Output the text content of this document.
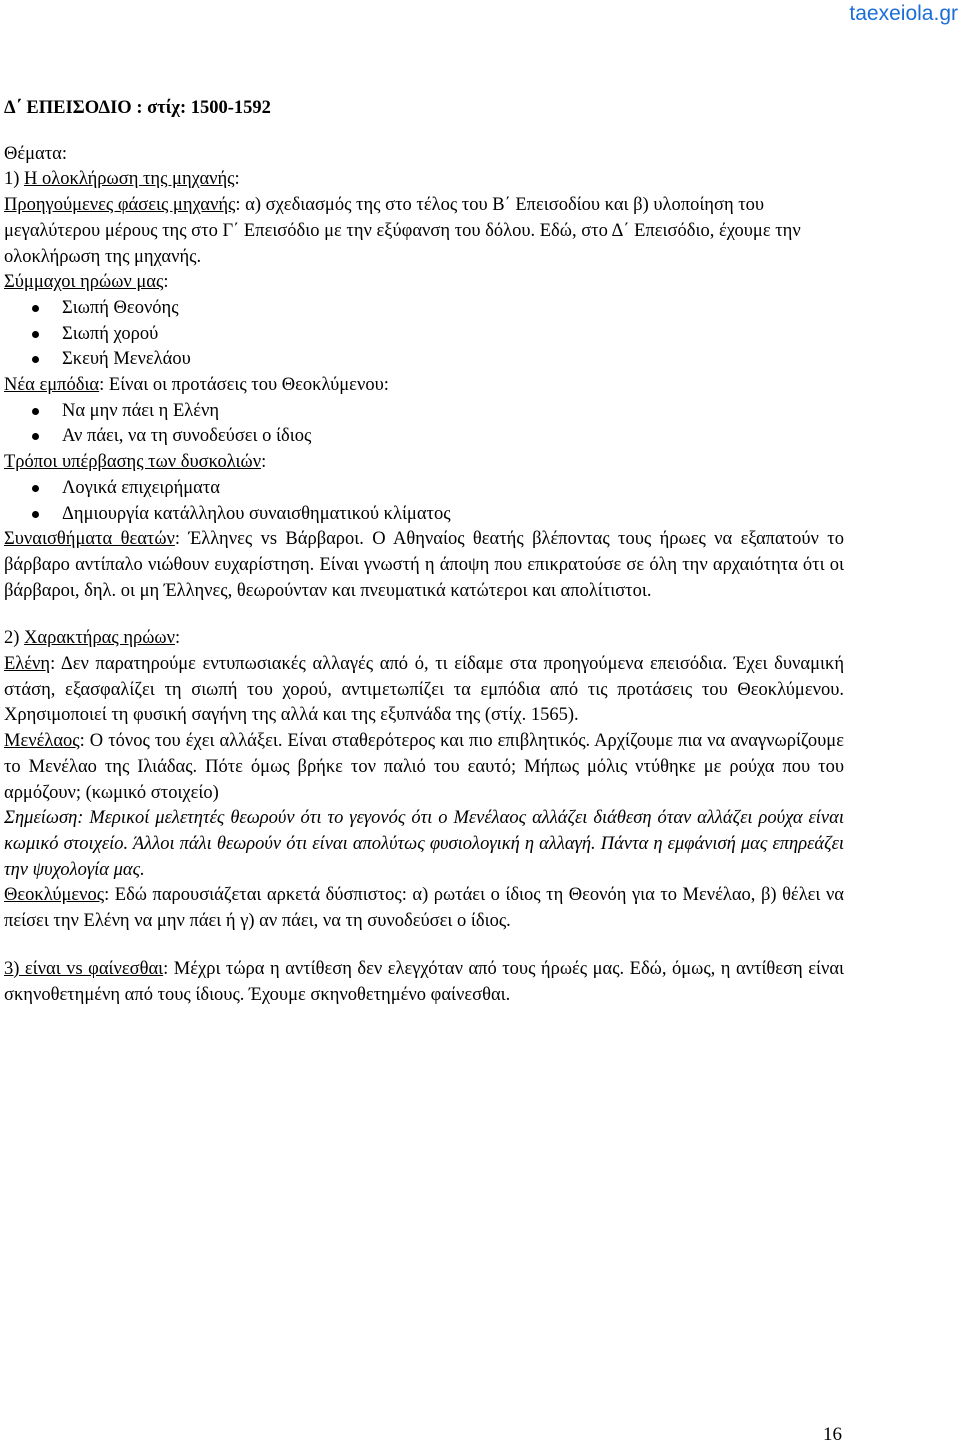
taexeiola.gr
Δ΄ ΕΠΕΙΣΟΔΙΟ : στίχ: 1500-1592
Θέματα:
1) Η ολοκλήρωση της μηχανής:
Προηγούμενες φάσεις μηχανής: α) σχεδιασμός της στο τέλος του Β΄ Επεισοδίου και β) υλοποίηση του μεγαλύτερου μέρους της στο Γ΄ Επεισόδιο με την εξύφανση του δόλου. Εδώ, στο Δ΄ Επεισόδιο, έχουμε την ολοκλήρωση της μηχανής.
Σύμμαχοι ηρώων μας:
Σιωπή Θεονόης
Σιωπή χορού
Σκευή Μενελάου
Νέα εμπόδια: Είναι οι προτάσεις του Θεοκλύμενου:
Να μην πάει η Ελένη
Αν πάει, να τη συνοδεύσει ο ίδιος
Τρόποι υπέρβασης των δυσκολιών:
Λογικά επιχειρήματα
Δημιουργία κατάλληλου συναισθηματικού κλίματος
Συναισθήματα θεατών: Έλληνες vs Βάρβαροι. Ο Αθηναίος θεατής βλέποντας τους ήρωες να εξαπατούν το βάρβαρο αντίπαλο νιώθουν ευχαρίστηση. Είναι γνωστή η άποψη που επικρατούσε σε όλη την αρχαιότητα ότι οι βάρβαροι, δηλ. οι μη Έλληνες, θεωρούνταν και πνευματικά κατώτεροι και απολίτιστοι.
2) Χαρακτήρας ηρώων:
Ελένη: Δεν παρατηρούμε εντυπωσιακές αλλαγές από ό, τι είδαμε στα προηγούμενα επεισόδια. Έχει δυναμική στάση, εξασφαλίζει τη σιωπή του χορού, αντιμετωπίζει τα εμπόδια από τις προτάσεις του Θεοκλύμενου. Χρησιμοποιεί τη φυσική σαγήνη της αλλά και της εξυπνάδα της (στίχ. 1565).
Μενέλαος: Ο τόνος του έχει αλλάξει. Είναι σταθερότερος και πιο επιβλητικός. Αρχίζουμε πια να αναγνωρίζουμε το Μενέλαο της Ιλιάδας. Πότε όμως βρήκε τον παλιό του εαυτό; Μήπως μόλις ντύθηκε με ρούχα που του αρμόζουν; (κωμικό στοιχείο)
Σημείωση: Μερικοί μελετητές θεωρούν ότι το γεγονός ότι ο Μενέλαος αλλάζει διάθεση όταν αλλάζει ρούχα είναι κωμικό στοιχείο. Άλλοι πάλι θεωρούν ότι είναι απολύτως φυσιολογική η αλλαγή. Πάντα η εμφάνισή μας επηρεάζει την ψυχολογία μας.
Θεοκλύμενος: Εδώ παρουσιάζεται αρκετά δύσπιστος: α) ρωτάει ο ίδιος τη Θεονόη για το Μενέλαο, β) θέλει να πείσει την Ελένη να μην πάει ή γ) αν πάει, να τη συνοδεύσει ο ίδιος.
3) είναι vs φαίνεσθαι: Μέχρι τώρα η αντίθεση δεν ελεγχόταν από τους ήρωές μας. Εδώ, όμως, η αντίθεση είναι σκηνοθετημένη από τους ίδιους. Έχουμε σκηνοθετημένο φαίνεσθαι.
16
